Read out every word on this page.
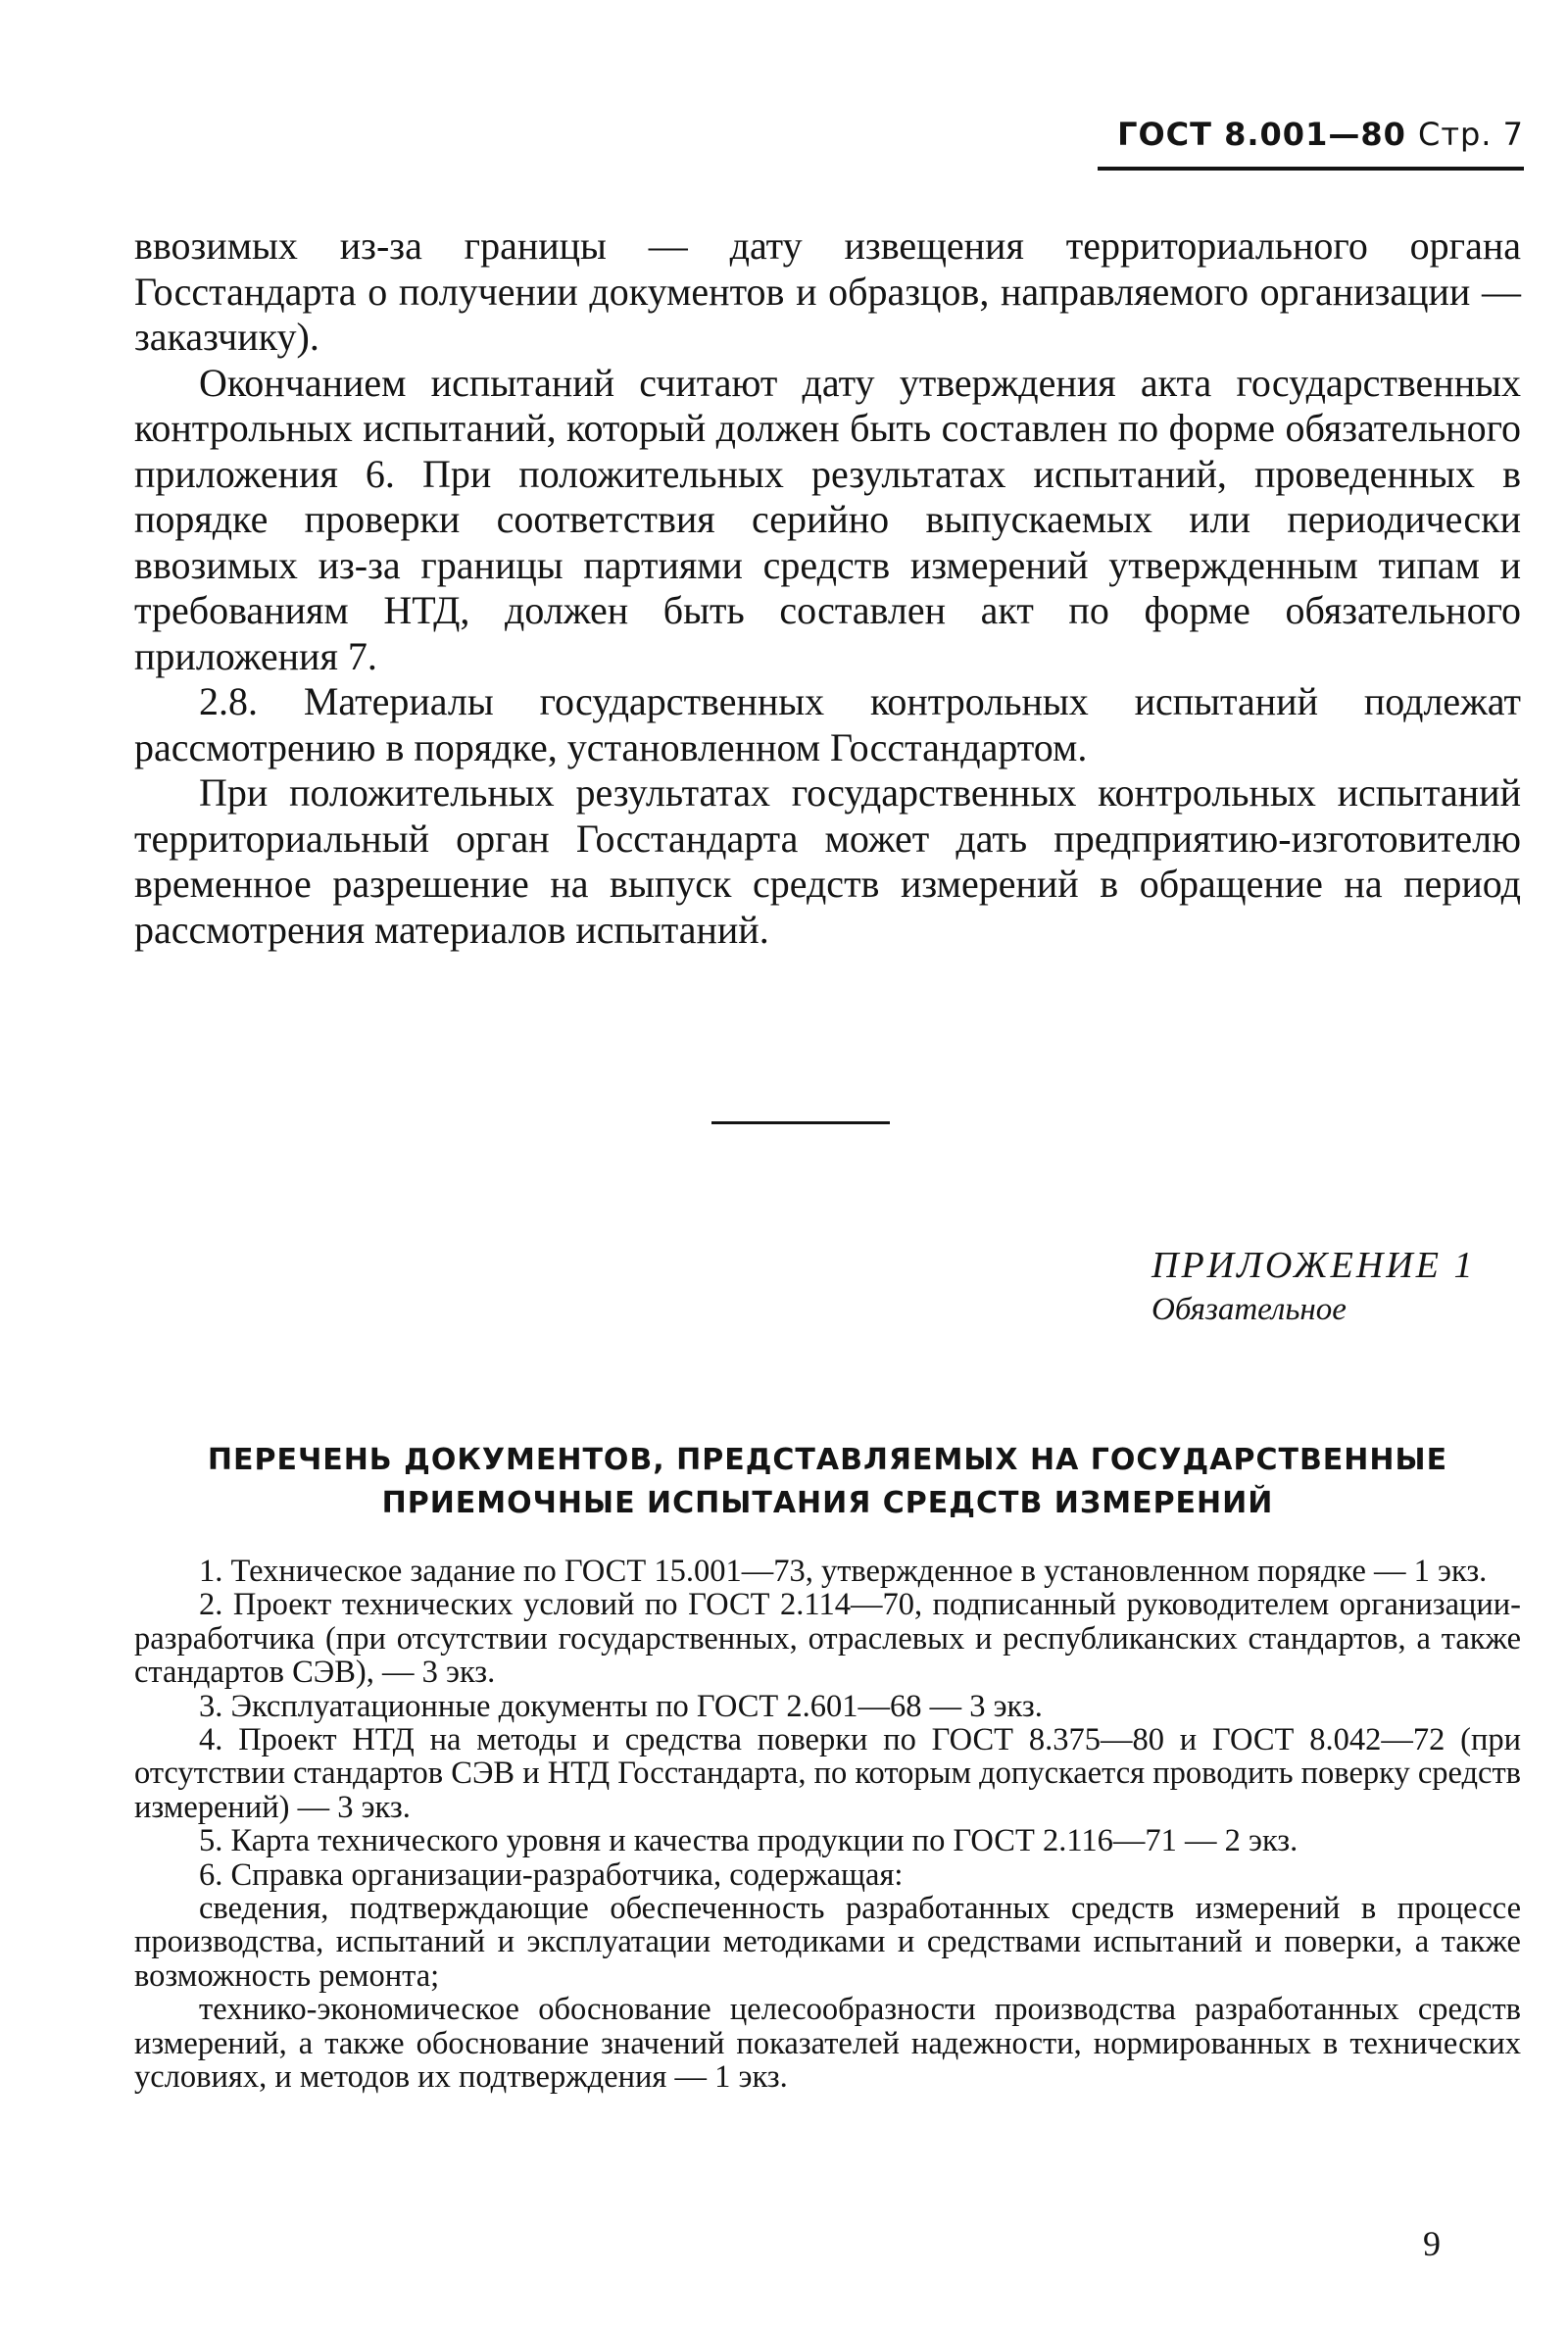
ГОСТ 8.001—80 Стр. 7

ввозимых из-за границы — дату извещения территориального органа Госстандарта о получении документов и образцов, направляемого организации — заказчику).

Окончанием испытаний считают дату утверждения акта государственных контрольных испытаний, который должен быть составлен по форме обязательного приложения 6. При положительных результатах испытаний, проведенных в порядке проверки соответствия серийно выпускаемых или периодически ввозимых из-за границы партиями средств измерений утвержденным типам и требованиям НТД, должен быть составлен акт по форме обязательного приложения 7.

2.8. Материалы государственных контрольных испытаний подлежат рассмотрению в порядке, установленном Госстандартом.

При положительных результатах государственных контрольных испытаний территориальный орган Госстандарта может дать предприятию-изготовителю временное разрешение на выпуск средств измерений в обращение на период рассмотрения материалов испытаний.

ПРИЛОЖЕНИЕ 1
Обязательное
ПЕРЕЧЕНЬ ДОКУМЕНТОВ, ПРЕДСТАВЛЯЕМЫХ НА ГОСУДАРСТВЕННЫЕ
ПРИЕМОЧНЫЕ ИСПЫТАНИЯ СРЕДСТВ ИЗМЕРЕНИЙ

1. Техническое задание по ГОСТ 15.001—73, утвержденное в установленном порядке — 1 экз.

2. Проект технических условий по ГОСТ 2.114—70, подписанный руководителем организации-разработчика (при отсутствии государственных, отраслевых и республиканских стандартов, а также стандартов СЭВ), — 3 экз.

3. Эксплуатационные документы по ГОСТ 2.601—68 — 3 экз.

4. Проект НТД на методы и средства поверки по ГОСТ 8.375—80 и ГОСТ 8.042—72 (при отсутствии стандартов СЭВ и НТД Госстандарта, по которым допускается проводить поверку средств измерений) — 3 экз.

5. Карта технического уровня и качества продукции по ГОСТ 2.116—71 — 2 экз.

6. Справка организации-разработчика, содержащая:

сведения, подтверждающие обеспеченность разработанных средств измерений в процессе производства, испытаний и эксплуатации методиками и средствами испытаний и поверки, а также возможность ремонта;

технико-экономическое обоснование целесообразности производства разработанных средств измерений, а также обоснование значений показателей надежности, нормированных в технических условиях, и методов их подтверждения — 1 экз.

9
